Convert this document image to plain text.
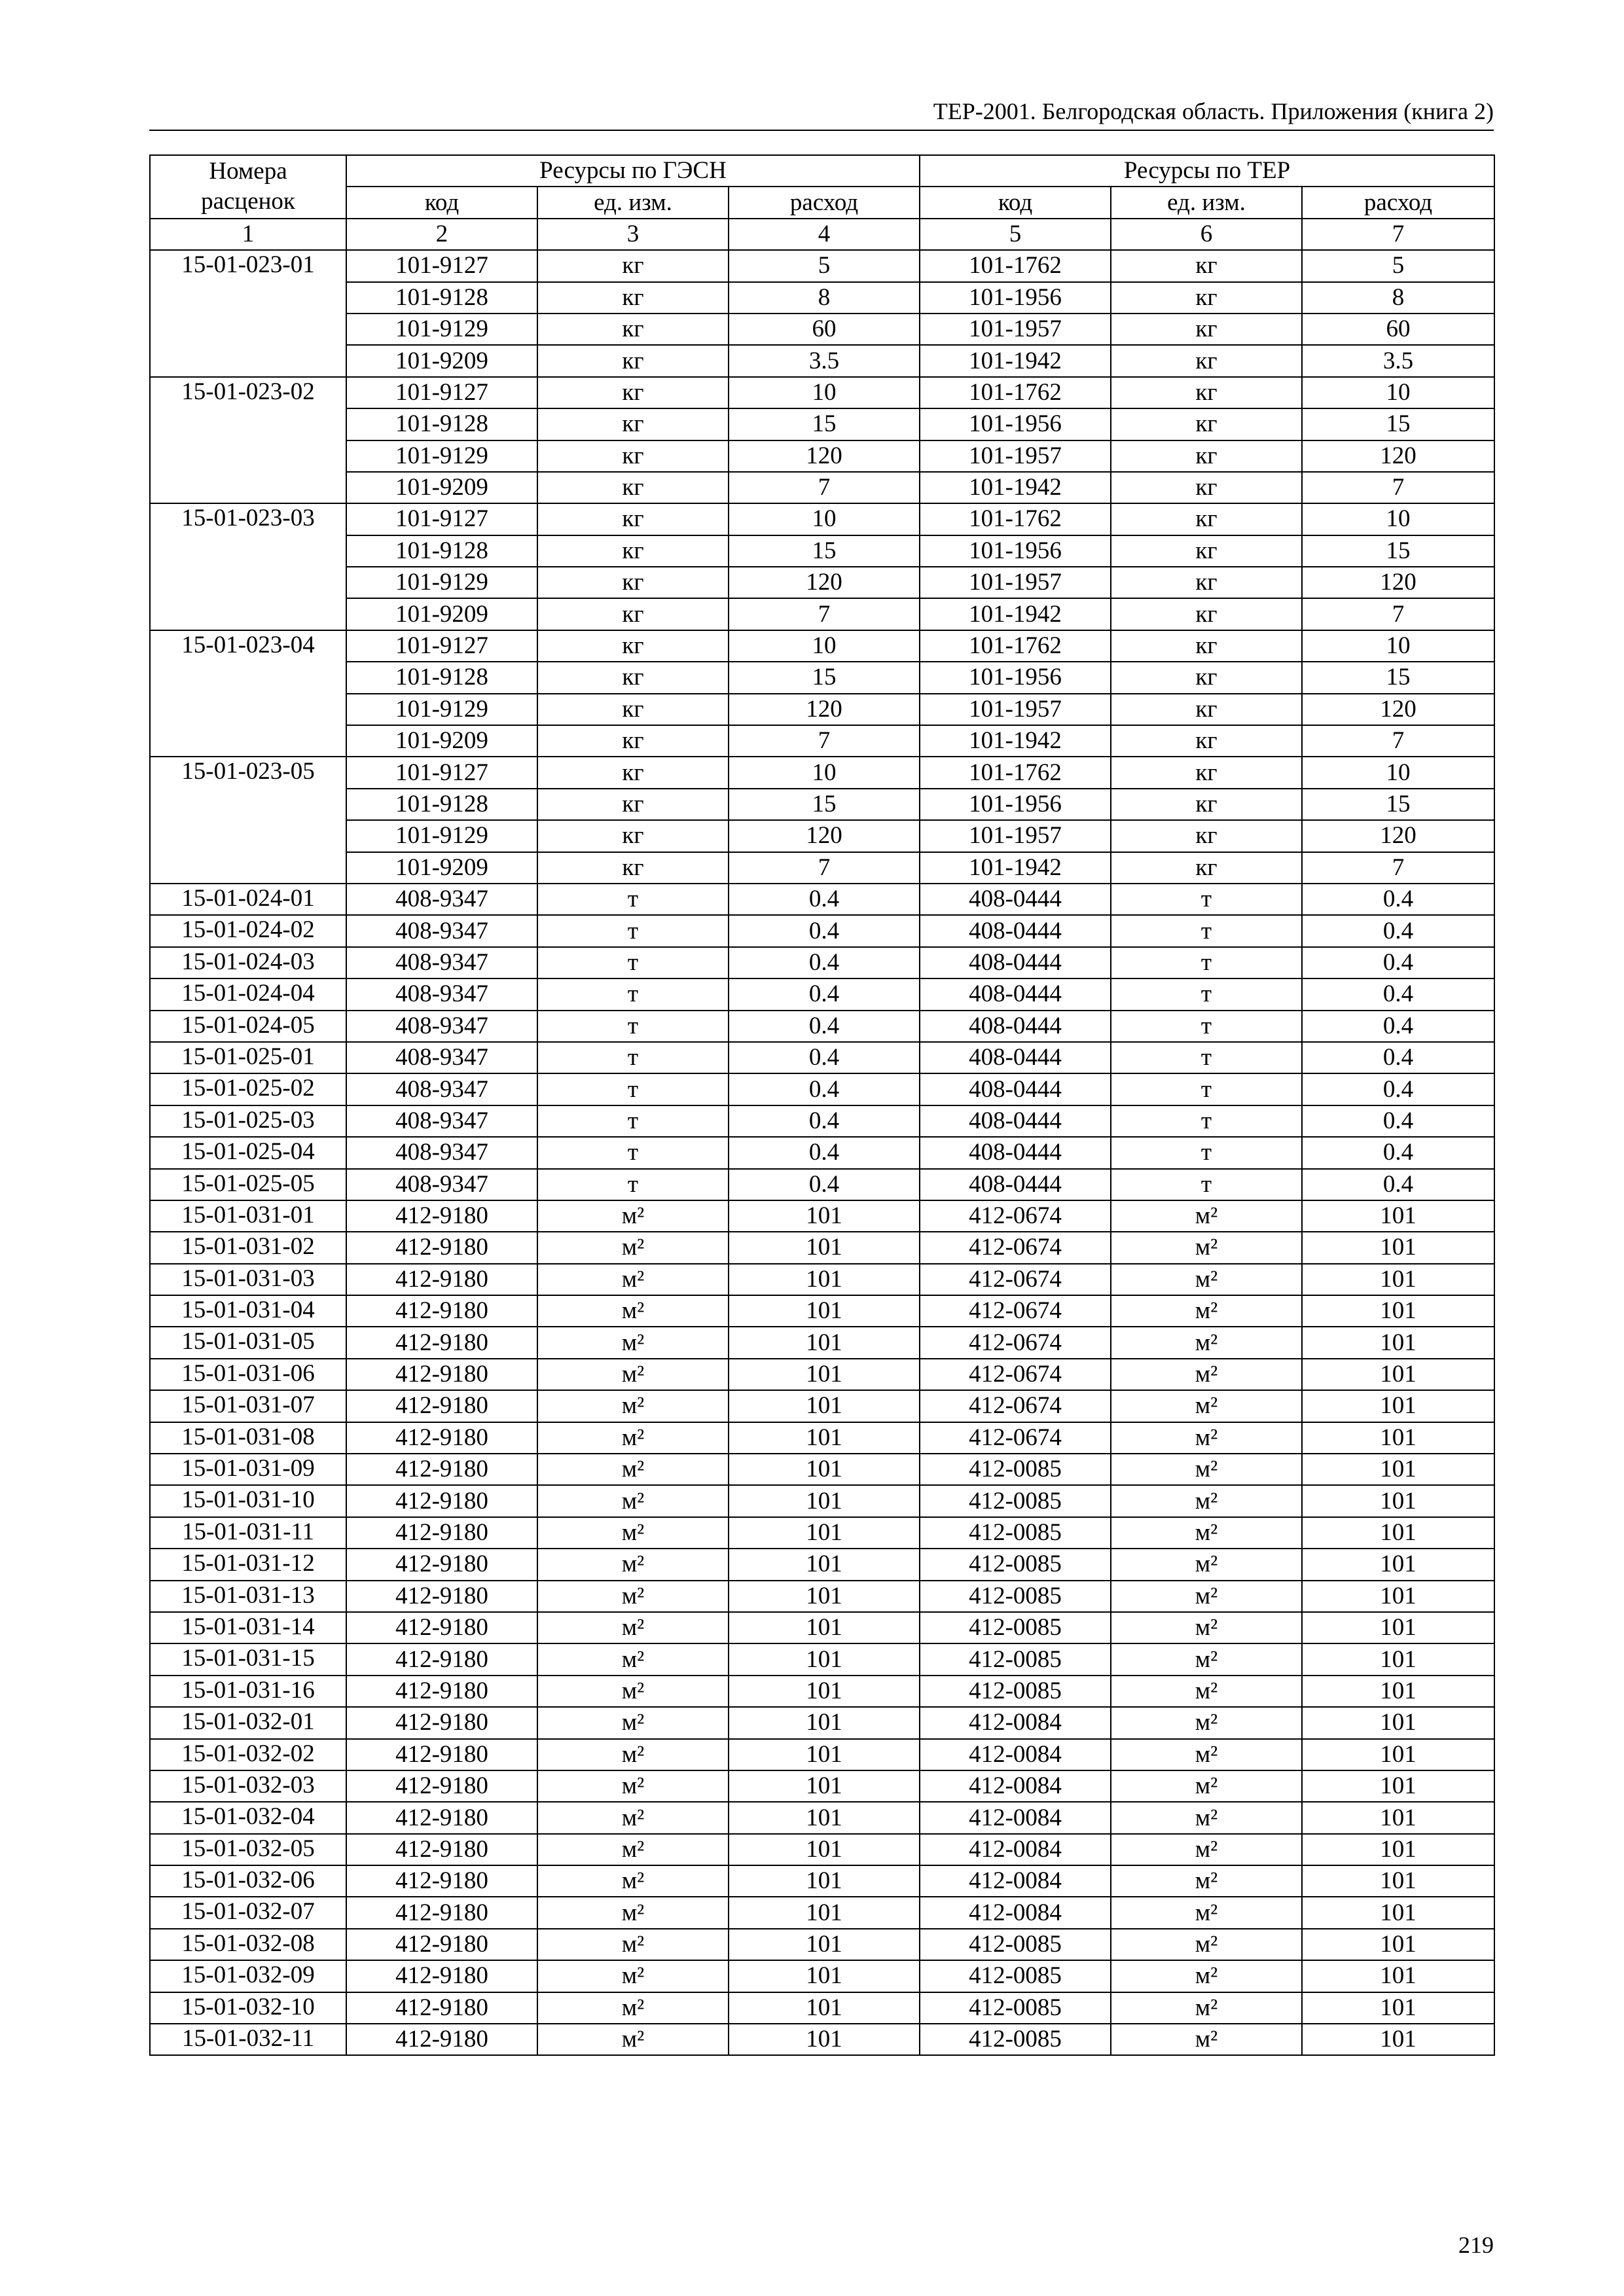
ТЕР-2001. Белгородская область. Приложения (книга 2)
Номера расценок	Ресурсы по ГЭСН			Ресурсы по ТЕР		
	код	ед. изм.	расход	код	ед. изм.	расход
1	2	3	4	5	6	7
15-01-023-01	101-9127	кг	5	101-1762	кг	5
	101-9128	кг	8	101-1956	кг	8
	101-9129	кг	60	101-1957	кг	60
	101-9209	кг	3.5	101-1942	кг	3.5
15-01-023-02	101-9127	кг	10	101-1762	кг	10
	101-9128	кг	15	101-1956	кг	15
	101-9129	кг	120	101-1957	кг	120
	101-9209	кг	7	101-1942	кг	7
15-01-023-03	101-9127	кг	10	101-1762	кг	10
	101-9128	кг	15	101-1956	кг	15
	101-9129	кг	120	101-1957	кг	120
	101-9209	кг	7	101-1942	кг	7
15-01-023-04	101-9127	кг	10	101-1762	кг	10
	101-9128	кг	15	101-1956	кг	15
	101-9129	кг	120	101-1957	кг	120
	101-9209	кг	7	101-1942	кг	7
15-01-023-05	101-9127	кг	10	101-1762	кг	10
	101-9128	кг	15	101-1956	кг	15
	101-9129	кг	120	101-1957	кг	120
	101-9209	кг	7	101-1942	кг	7
15-01-024-01	408-9347	т	0.4	408-0444	т	0.4
15-01-024-02	408-9347	т	0.4	408-0444	т	0.4
15-01-024-03	408-9347	т	0.4	408-0444	т	0.4
15-01-024-04	408-9347	т	0.4	408-0444	т	0.4
15-01-024-05	408-9347	т	0.4	408-0444	т	0.4
15-01-025-01	408-9347	т	0.4	408-0444	т	0.4
15-01-025-02	408-9347	т	0.4	408-0444	т	0.4
15-01-025-03	408-9347	т	0.4	408-0444	т	0.4
15-01-025-04	408-9347	т	0.4	408-0444	т	0.4
15-01-025-05	408-9347	т	0.4	408-0444	т	0.4
15-01-031-01	412-9180	м²	101	412-0674	м²	101
15-01-031-02	412-9180	м²	101	412-0674	м²	101
15-01-031-03	412-9180	м²	101	412-0674	м²	101
15-01-031-04	412-9180	м²	101	412-0674	м²	101
15-01-031-05	412-9180	м²	101	412-0674	м²	101
15-01-031-06	412-9180	м²	101	412-0674	м²	101
15-01-031-07	412-9180	м²	101	412-0674	м²	101
15-01-031-08	412-9180	м²	101	412-0674	м²	101
15-01-031-09	412-9180	м²	101	412-0085	м²	101
15-01-031-10	412-9180	м²	101	412-0085	м²	101
15-01-031-11	412-9180	м²	101	412-0085	м²	101
15-01-031-12	412-9180	м²	101	412-0085	м²	101
15-01-031-13	412-9180	м²	101	412-0085	м²	101
15-01-031-14	412-9180	м²	101	412-0085	м²	101
15-01-031-15	412-9180	м²	101	412-0085	м²	101
15-01-031-16	412-9180	м²	101	412-0085	м²	101
15-01-032-01	412-9180	м²	101	412-0084	м²	101
15-01-032-02	412-9180	м²	101	412-0084	м²	101
15-01-032-03	412-9180	м²	101	412-0084	м²	101
15-01-032-04	412-9180	м²	101	412-0084	м²	101
15-01-032-05	412-9180	м²	101	412-0084	м²	101
15-01-032-06	412-9180	м²	101	412-0084	м²	101
15-01-032-07	412-9180	м²	101	412-0084	м²	101
15-01-032-08	412-9180	м²	101	412-0085	м²	101
15-01-032-09	412-9180	м²	101	412-0085	м²	101
15-01-032-10	412-9180	м²	101	412-0085	м²	101
15-01-032-11	412-9180	м²	101	412-0085	м²	101
219
